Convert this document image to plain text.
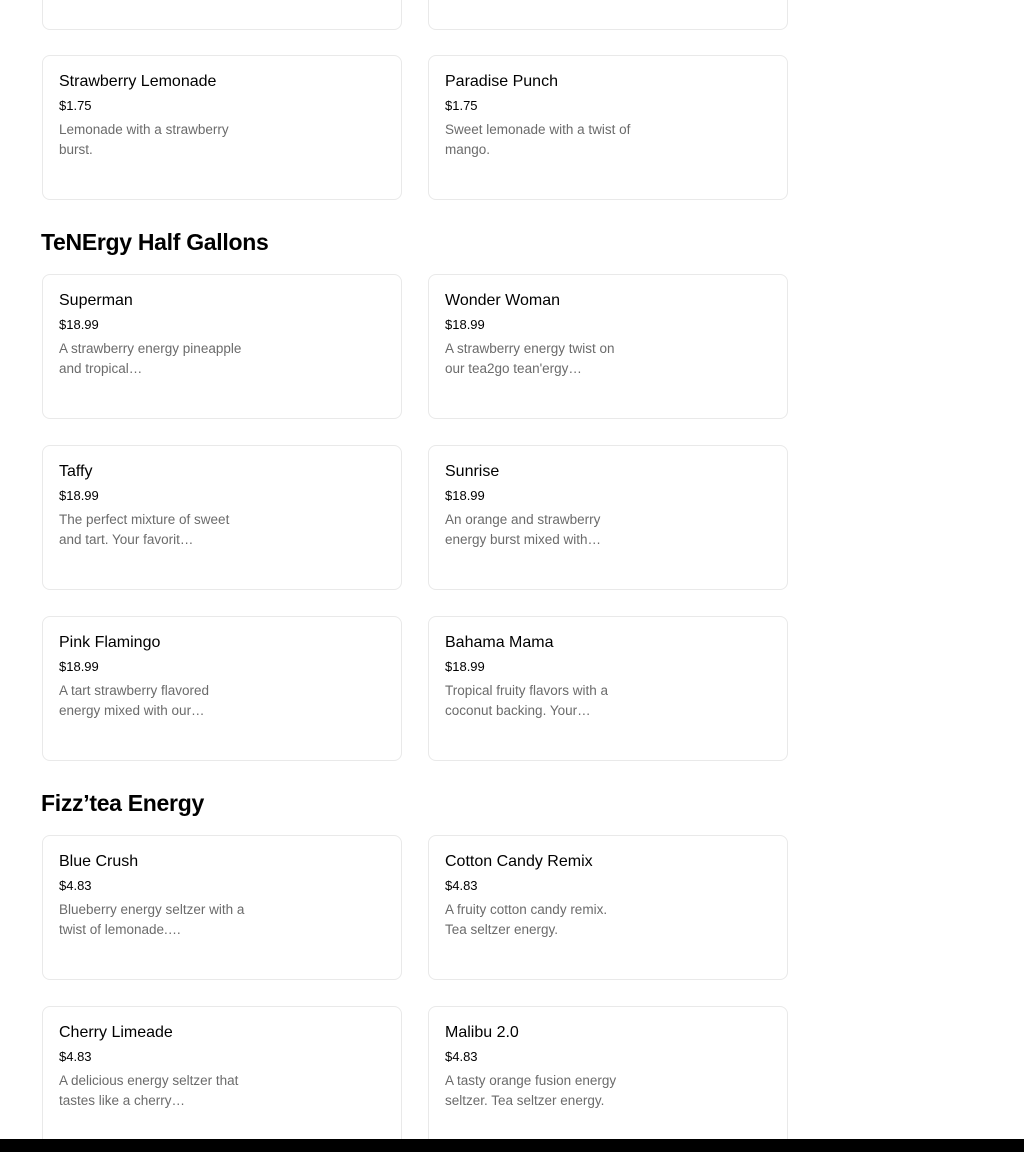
Strawberry Lemonade
$1.75
Lemonade with a strawberry burst.
Paradise Punch
$1.75
Sweet lemonade with a twist of mango.
TeNErgy Half Gallons
Superman
$18.99
A strawberry energy pineapple and tropical…
Wonder Woman
$18.99
A strawberry energy twist on our tea2go tean'ergy…
Taffy
$18.99
The perfect mixture of sweet and tart. Your favorit…
Sunrise
$18.99
An orange and strawberry energy burst mixed with…
Pink Flamingo
$18.99
A tart strawberry flavored energy mixed with our…
Bahama Mama
$18.99
Tropical fruity flavors with a coconut backing. Your…
Fizz’tea Energy
Blue Crush
$4.83
Blueberry energy seltzer with a twist of lemonade.…
Cotton Candy Remix
$4.83
A fruity cotton candy remix. Tea seltzer energy.
Cherry Limeade
$4.83
A delicious energy seltzer that tastes like a cherry…
Malibu 2.0
$4.83
A tasty orange fusion energy seltzer. Tea seltzer energy.
